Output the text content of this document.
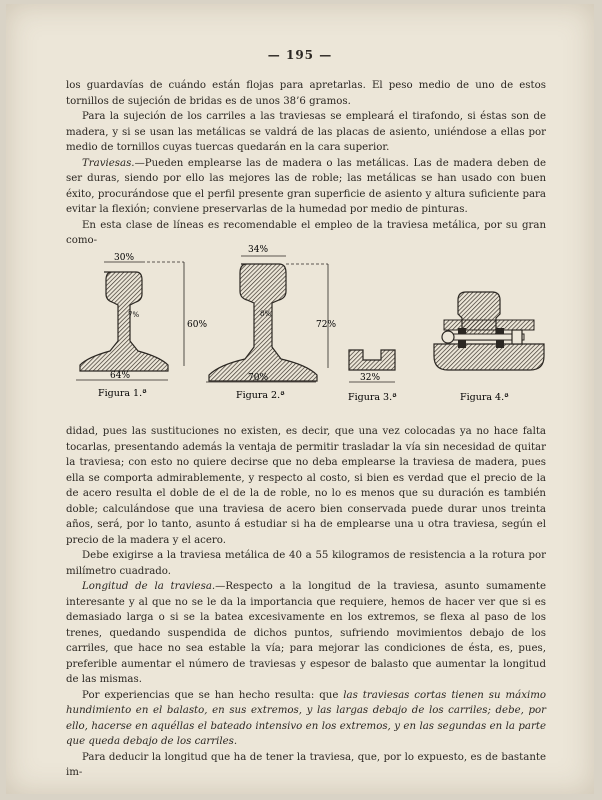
— 195 —

los guardavías de cuándo están flojas para apretarlas. El peso medio de uno de estos tornillos de sujeción de bridas es de unos 38’6 gramos.

Para la sujeción de los carriles a las traviesas se empleará el tirafondo, si éstas son de madera, y si se usan las metálicas se valdrá de las placas de asiento, uniéndose a ellas por medio de tornillos cuyas tuercas quedarán en la cara superior.

Traviesas.—Pueden emplearse las de madera o las metálicas. Las de madera deben de ser duras, siendo por ello las mejores las de roble; las metálicas se han usado con buen éxito, procurándose que el perfil presente gran superficie de asiento y altura suficiente para evitar la flexión; conviene preservarlas de la humedad por medio de pinturas.

En esta clase de líneas es recomendable el empleo de la traviesa metálica, por su gran como-

30%
60%
7%
64%
34%
72%
8%
70%	32%
Figura 1.ª	Figura 2.ª	Figura 3.ª	Figura 4.ª

didad, pues las sustituciones no existen, es decir, que una vez colocadas ya no hace falta tocarlas, presentando además la ventaja de permitir trasladar la vía sin necesidad de quitar la traviesa; con esto no quiere decirse que no deba emplearse la traviesa de madera, pues ella se comporta admirablemente, y respecto al costo, si bien es verdad que el precio de la de acero resulta el doble de el de la de roble, no lo es menos que su duración es también doble; calculándose que una traviesa de acero bien conservada puede durar unos treinta años, será, por lo tanto, asunto á estudiar si ha de emplearse una u otra traviesa, según el precio de la madera y el acero.

Debe exigirse a la traviesa metálica de 40 a 55 kilogramos de resistencia a la rotura por milímetro cuadrado.

Longitud de la traviesa.—Respecto a la longitud de la traviesa, asunto sumamente interesante y al que no se le da la importancia que requiere, hemos de hacer ver que si es demasiado larga o si se la batea excesivamente en los extremos, se flexa al paso de los trenes, quedando suspendida de dichos puntos, sufriendo movimientos debajo de los carriles, que hace no sea estable la vía; para mejorar las condiciones de ésta, es, pues, preferible aumentar el número de traviesas y espesor de balasto que aumentar la longitud de las mismas.

Por experiencias que se han hecho resulta: que las traviesas cortas tienen su máximo hundimiento en el balasto, en sus extremos, y las largas debajo de los carriles; debe, por ello, hacerse en aquéllas el bateado intensivo en los extremos, y en las segundas en la parte que queda debajo de los carriles.

Para deducir la longitud que ha de tener la traviesa, que, por lo expuesto, es de bastante im-
